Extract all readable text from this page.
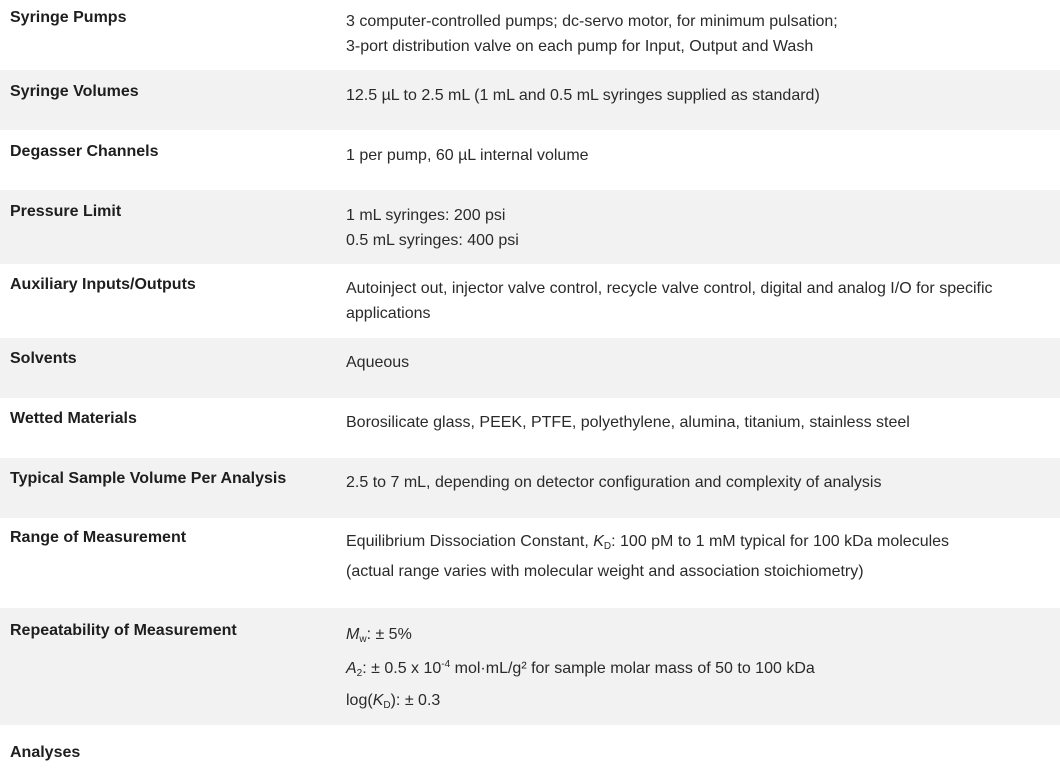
Syringe Pumps	3 computer-controlled pumps; dc-servo motor, for minimum pulsation;
3-port distribution valve on each pump for Input, Output and Wash
Syringe Volumes	12.5 µL to 2.5 mL (1 mL and 0.5 mL syringes supplied as standard)
Degasser Channels	1 per pump, 60 µL internal volume
Pressure Limit	1 mL syringes: 200 psi
0.5 mL syringes: 400 psi
Auxiliary Inputs/Outputs	Autoinject out, injector valve control, recycle valve control, digital and analog I/O for specific applications
Solvents	Aqueous
Wetted Materials	Borosilicate glass, PEEK, PTFE, polyethylene, alumina, titanium, stainless steel
Typical Sample Volume Per Analysis	2.5 to 7 mL, depending on detector configuration and complexity of analysis
Range of Measurement	Equilibrium Dissociation Constant, $K_D$: 100 pM to 1 mM typical for 100 kDa molecules
(actual range varies with molecular weight and association stoichiometry)
Repeatability of Measurement	$M_w$: ± 5%
$A_2$: ± 0.5 x $10^{-4}$ mol·mL/g² for sample molar mass of 50 to 100 kDa
$\log(K_D)$: ± 0.3
Analyses
